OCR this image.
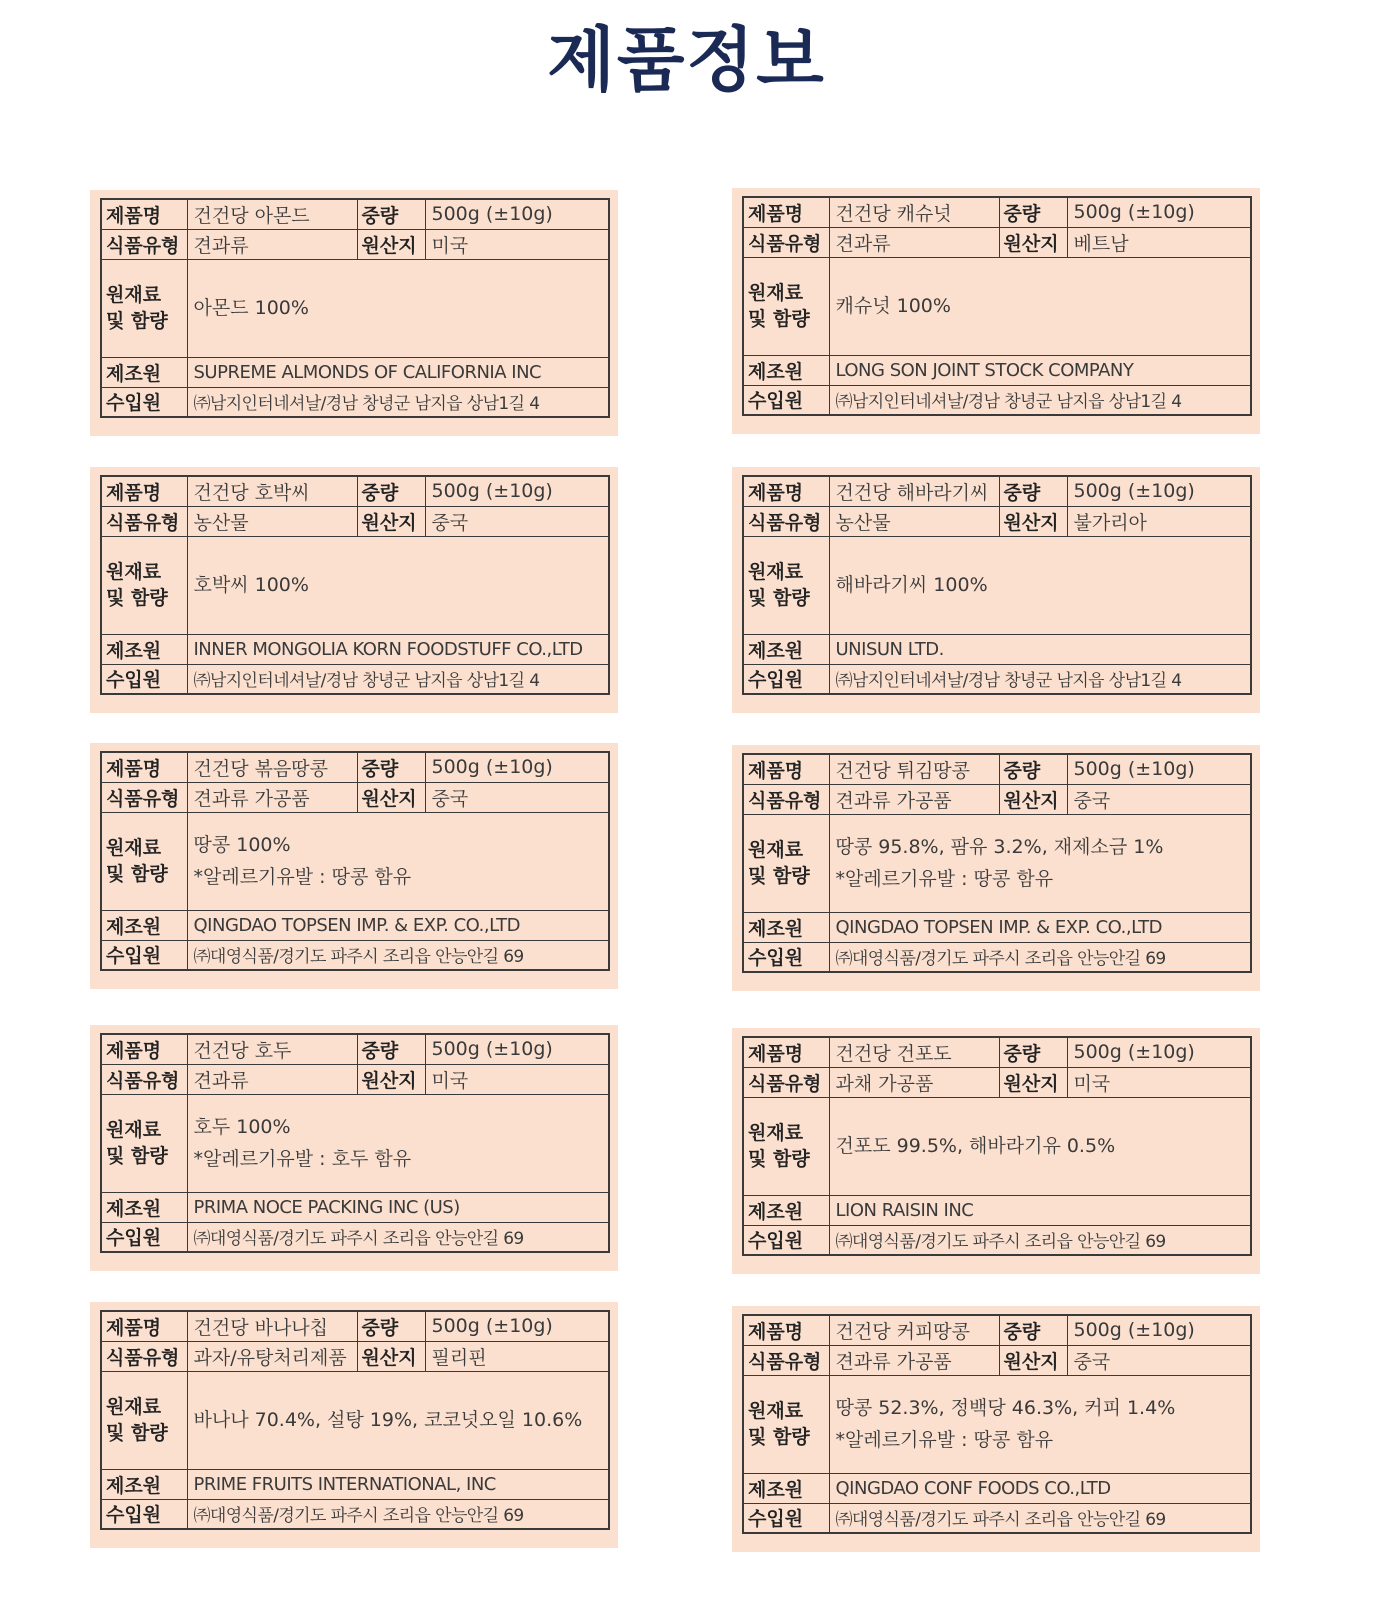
제품정보
제품명	건건당 아몬드	중량	500g (±10g)
식품유형	견과류	원산지	미국

원재료
및 함량	아몬드 100%		

제조원	SUPREME ALMONDS OF CALIFORNIA INC		
수입원	㈜남지인터네셔날/경남 창녕군 남지읍 상남1길 4		
제품명	건건당 캐슈넛	중량	500g (±10g)
식품유형	견과류	원산지	베트남

원재료
및 함량	캐슈넛 100%		

제조원	LONG SON JOINT STOCK COMPANY		
수입원	㈜남지인터네셔날/경남 창녕군 남지읍 상남1길 4		
제품명	건건당 호박씨	중량	500g (±10g)
식품유형	농산물	원산지	중국

원재료
및 함량	호박씨 100%		

제조원	INNER MONGOLIA KORN FOODSTUFF CO.,LTD		
수입원	㈜남지인터네셔날/경남 창녕군 남지읍 상남1길 4		
제품명	건건당 해바라기씨	중량	500g (±10g)
식품유형	농산물	원산지	불가리아

원재료
및 함량	해바라기씨 100%		

제조원	UNISUN LTD.		
수입원	㈜남지인터네셔날/경남 창녕군 남지읍 상남1길 4		
제품명	건건당 볶음땅콩	중량	500g (±10g)
식품유형	견과류 가공품	원산지	중국

원재료
및 함량	땅콩 100%
*알레르기유발 : 땅콩 함유		

제조원	QINGDAO TOPSEN IMP. & EXP. CO.,LTD		
수입원	㈜대영식품/경기도 파주시 조리읍 안능안길 69		
제품명	건건당 튀김땅콩	중량	500g (±10g)
식품유형	견과류 가공품	원산지	중국

원재료
및 함량	땅콩 95.8%, 팜유 3.2%, 재제소금 1%
*알레르기유발 : 땅콩 함유		

제조원	QINGDAO TOPSEN IMP. & EXP. CO.,LTD		
수입원	㈜대영식품/경기도 파주시 조리읍 안능안길 69		
제품명	건건당 호두	중량	500g (±10g)
식품유형	견과류	원산지	미국

원재료
및 함량	호두 100%
*알레르기유발 : 호두 함유		

제조원	PRIMA NOCE PACKING INC (US)		
수입원	㈜대영식품/경기도 파주시 조리읍 안능안길 69		
제품명	건건당 건포도	중량	500g (±10g)
식품유형	과채 가공품	원산지	미국

원재료
및 함량	건포도 99.5%, 해바라기유 0.5%		

제조원	LION RAISIN INC		
수입원	㈜대영식품/경기도 파주시 조리읍 안능안길 69		
제품명	건건당 바나나칩	중량	500g (±10g)
식품유형	과자/유탕처리제품	원산지	필리핀

원재료
및 함량	바나나 70.4%, 설탕 19%, 코코넛오일 10.6%		

제조원	PRIME FRUITS INTERNATIONAL, INC		
수입원	㈜대영식품/경기도 파주시 조리읍 안능안길 69		
제품명	건건당 커피땅콩	중량	500g (±10g)
식품유형	견과류 가공품	원산지	중국

원재료
및 함량	땅콩 52.3%, 정백당 46.3%, 커피 1.4%
*알레르기유발 : 땅콩 함유		

제조원	QINGDAO CONF FOODS CO.,LTD		
수입원	㈜대영식품/경기도 파주시 조리읍 안능안길 69		
